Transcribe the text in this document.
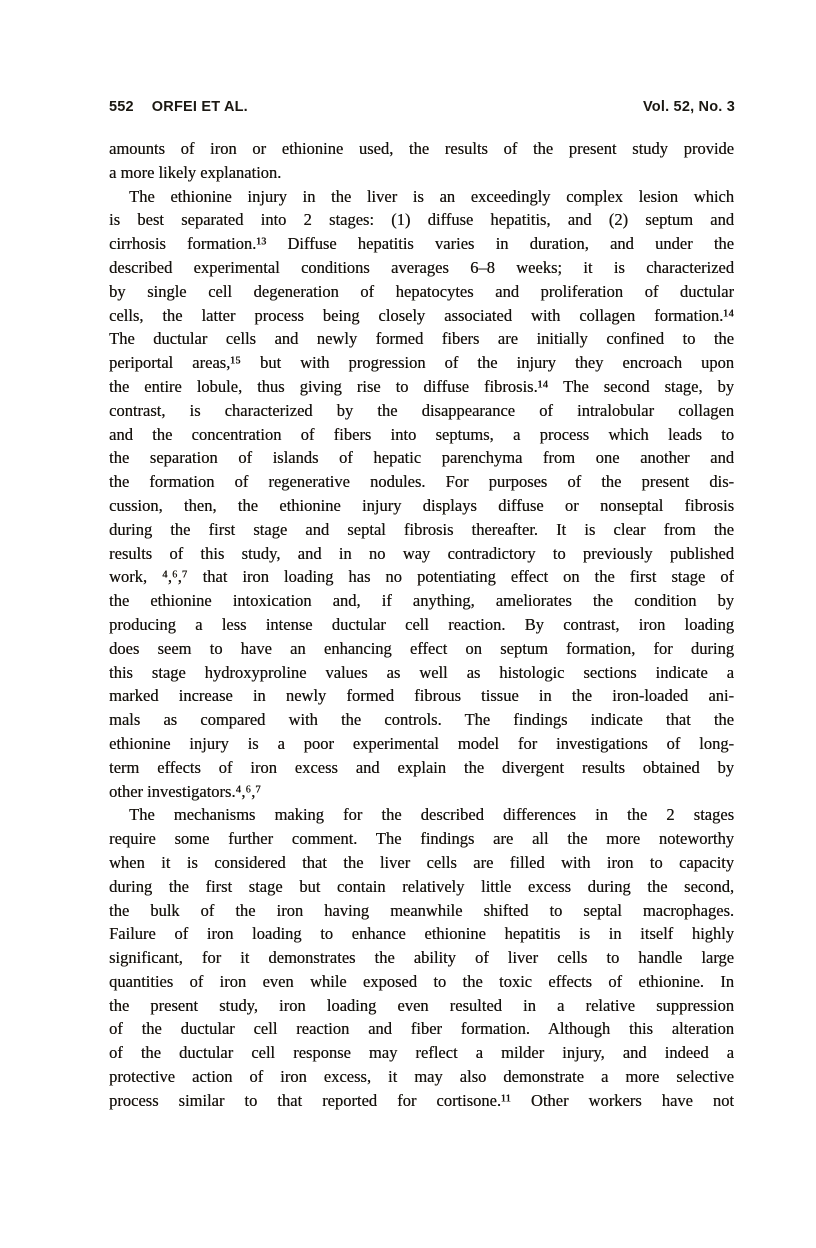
552 ORFEI ET AL.	Vol. 52, No. 3
amounts of iron or ethionine used, the results of the present study provide
a more likely explanation.
The ethionine injury in the liver is an exceedingly complex lesion which
is best separated into 2 stages: (1) diffuse hepatitis, and (2) septum and
cirrhosis formation.¹³ Diffuse hepatitis varies in duration, and under the
described experimental conditions averages 6–8 weeks; it is characterized
by single cell degeneration of hepatocytes and proliferation of ductular
cells, the latter process being closely associated with collagen formation.¹⁴
The ductular cells and newly formed fibers are initially confined to the
periportal areas,¹⁵ but with progression of the injury they encroach upon
the entire lobule, thus giving rise to diffuse fibrosis.¹⁴ The second stage, by
contrast, is characterized by the disappearance of intralobular collagen
and the concentration of fibers into septums, a process which leads to
the separation of islands of hepatic parenchyma from one another and
the formation of regenerative nodules. For purposes of the present dis-
cussion, then, the ethionine injury displays diffuse or nonseptal fibrosis
during the first stage and septal fibrosis thereafter. It is clear from the
results of this study, and in no way contradictory to previously published
work, ⁴,⁶,⁷ that iron loading has no potentiating effect on the first stage of
the ethionine intoxication and, if anything, ameliorates the condition by
producing a less intense ductular cell reaction. By contrast, iron loading
does seem to have an enhancing effect on septum formation, for during
this stage hydroxyproline values as well as histologic sections indicate a
marked increase in newly formed fibrous tissue in the iron-loaded ani-
mals as compared with the controls. The findings indicate that the
ethionine injury is a poor experimental model for investigations of long-
term effects of iron excess and explain the divergent results obtained by
other investigators.⁴,⁶,⁷
The mechanisms making for the described differences in the 2 stages
require some further comment. The findings are all the more noteworthy
when it is considered that the liver cells are filled with iron to capacity
during the first stage but contain relatively little excess during the second,
the bulk of the iron having meanwhile shifted to septal macrophages.
Failure of iron loading to enhance ethionine hepatitis is in itself highly
significant, for it demonstrates the ability of liver cells to handle large
quantities of iron even while exposed to the toxic effects of ethionine. In
the present study, iron loading even resulted in a relative suppression
of the ductular cell reaction and fiber formation. Although this alteration
of the ductular cell response may reflect a milder injury, and indeed a
protective action of iron excess, it may also demonstrate a more selective
process similar to that reported for cortisone.¹¹ Other workers have not
